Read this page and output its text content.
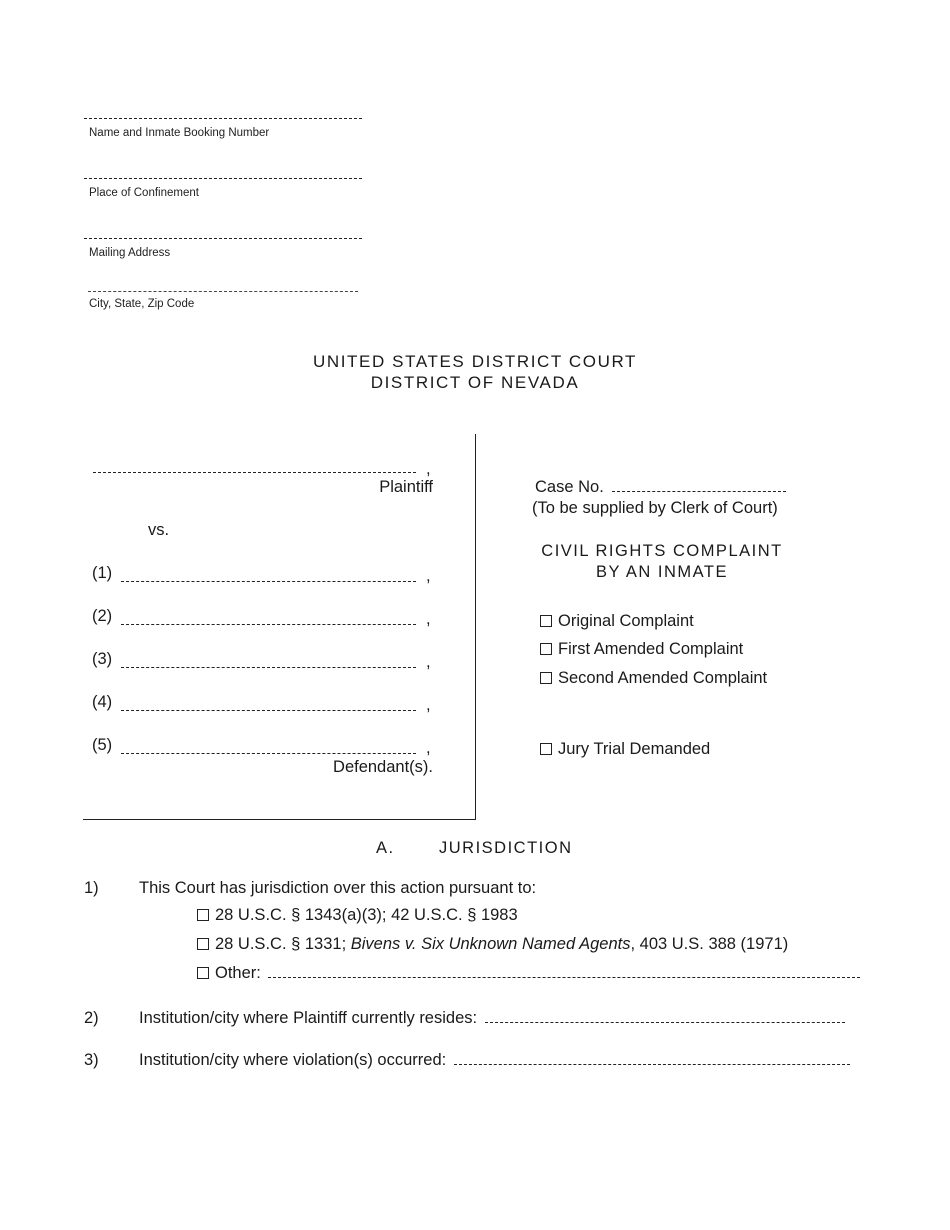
Name and Inmate Booking Number
Place of Confinement
Mailing Address
City, State, Zip Code
UNITED STATES DISTRICT COURT
DISTRICT OF NEVADA
,
Plaintiff
vs.
(1)	,
(2)	,
(3)	,
(4)	,
(5)	,
Defendant(s).
Case No.
(To be supplied by Clerk of Court)
CIVIL RIGHTS COMPLAINT
BY AN INMATE
Original Complaint
First Amended Complaint
Second Amended Complaint
Jury Trial Demanded
A.	JURISDICTION
1) This Court has jurisdiction over this action pursuant to:
28 U.S.C. § 1343(a)(3); 42 U.S.C. § 1983
28 U.S.C. § 1331; Bivens v. Six Unknown Named Agents, 403 U.S. 388 (1971)
Other:
2) Institution/city where Plaintiff currently resides:
3) Institution/city where violation(s) occurred:
